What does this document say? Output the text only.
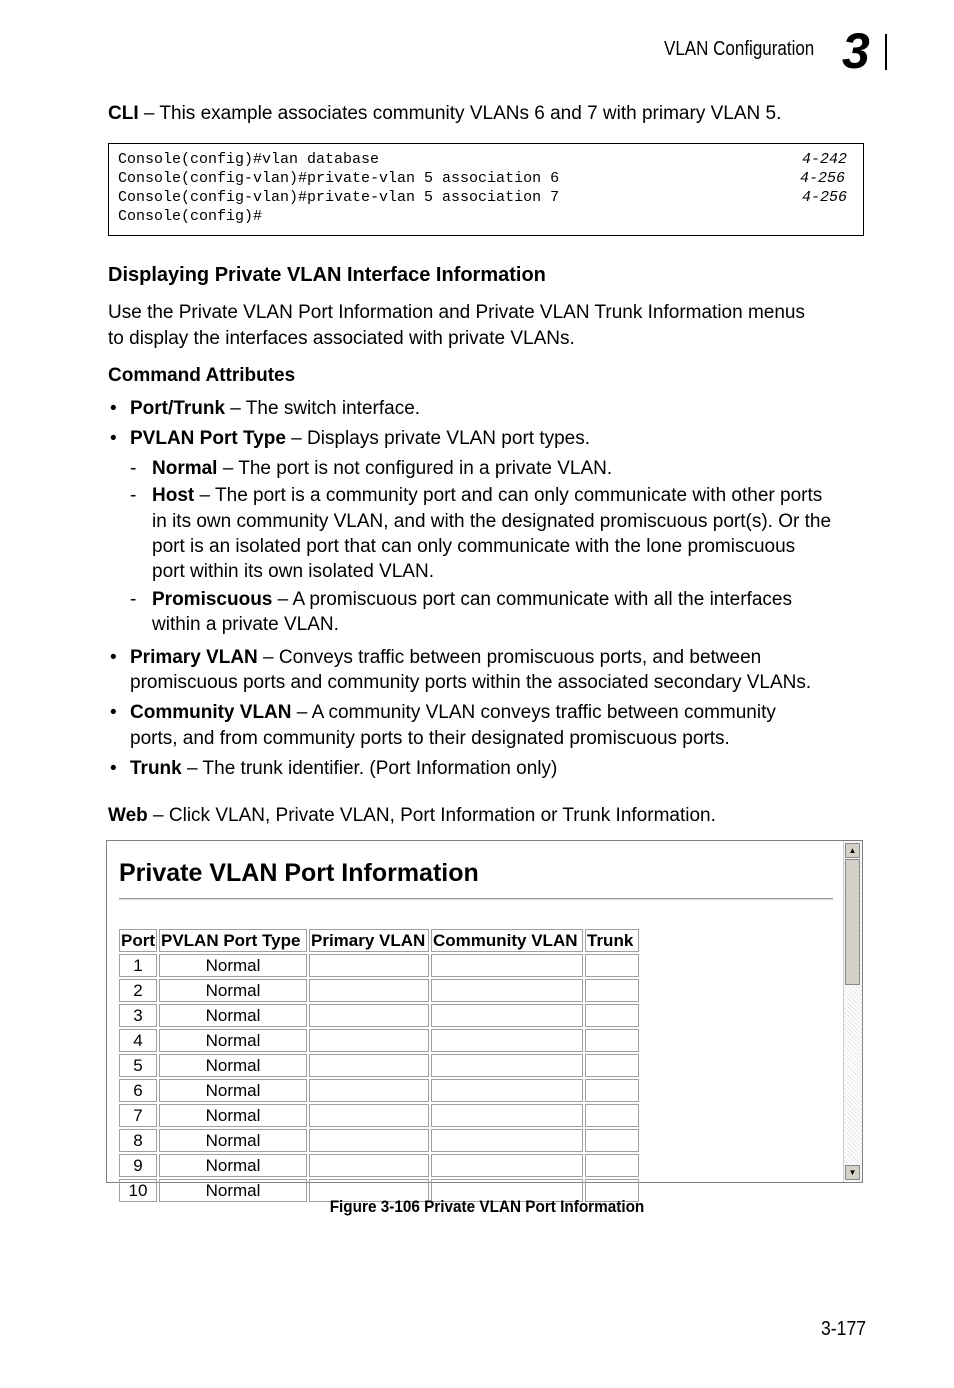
VLAN Configuration 3
CLI – This example associates community VLANs 6 and 7 with primary VLAN 5.
Console(config)#vlan database	4-242
Console(config-vlan)#private-vlan 5 association 6	4-256
Console(config-vlan)#private-vlan 5 association 7	4-256
Console(config)#
Displaying Private VLAN Interface Information
Use the Private VLAN Port Information and Private VLAN Trunk Information menus
to display the interfaces associated with private VLANs.
Command Attributes
• Port/Trunk – The switch interface.
• PVLAN Port Type – Displays private VLAN port types.
- Normal – The port is not configured in a private VLAN.
- Host – The port is a community port and can only communicate with other ports
in its own community VLAN, and with the designated promiscuous port(s). Or the
port is an isolated port that can only communicate with the lone promiscuous
port within its own isolated VLAN.
- Promiscuous – A promiscuous port can communicate with all the interfaces
within a private VLAN.
• Primary VLAN – Conveys traffic between promiscuous ports, and between
promiscuous ports and community ports within the associated secondary VLANs.
• Community VLAN – A community VLAN conveys traffic between community
ports, and from community ports to their designated promiscuous ports.
• Trunk – The trunk identifier. (Port Information only)
Web – Click VLAN, Private VLAN, Port Information or Trunk Information.
Private VLAN Port Information
Port	PVLAN Port Type	Primary VLAN	Community VLAN	Trunk
1	Normal			
2	Normal			
3	Normal			
4	Normal			
5	Normal			
6	Normal			
7	Normal			
8	Normal			
9	Normal			
10	Normal			
▲
▼
Figure 3-106 Private VLAN Port Information
3-177
